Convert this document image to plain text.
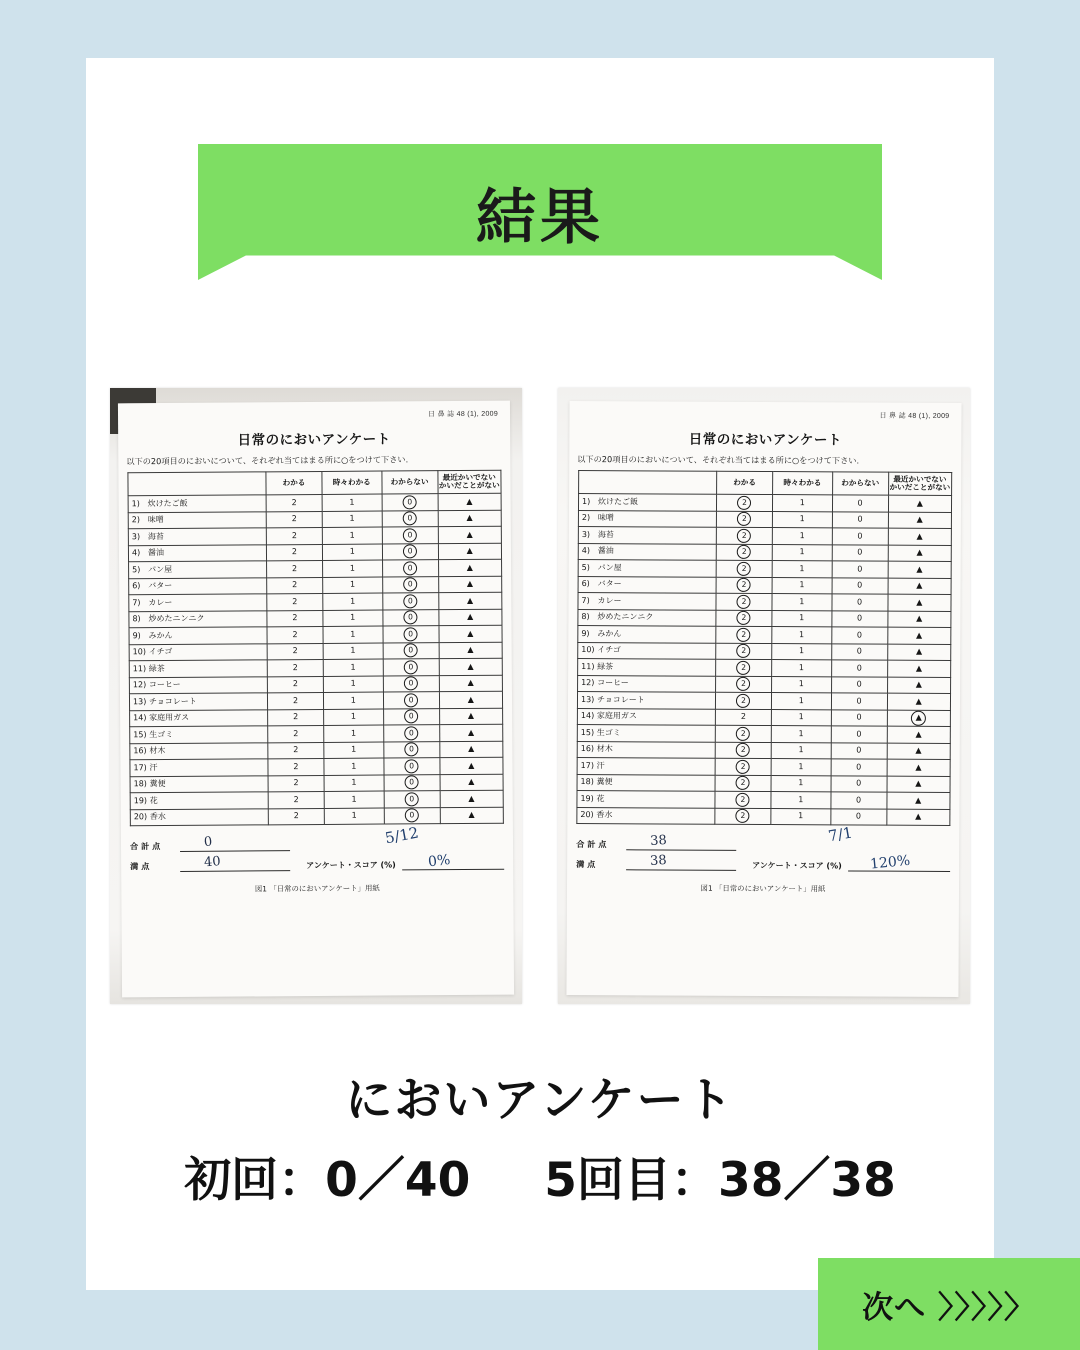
結果
日 鼻 誌 48 (1), 2009
日常のにおいアンケート
以下の20項目のにおいについて、それぞれ当てはまる所に○をつけて下さい.
	わかる	時々わかる	わからない	最近かいでない
かいだことがない
1) 炊けたご飯	2	1	0	▲
2) 味噌	2	1	0	▲
3) 海苔	2	1	0	▲
4) 醤油	2	1	0	▲
5) パン屋	2	1	0	▲
6) バター	2	1	0	▲
7) カレー	2	1	0	▲
8) 炒めたニンニク	2	1	0	▲
9) みかん	2	1	0	▲
10) イチゴ	2	1	0	▲
11) 緑茶	2	1	0	▲
12) コーヒー	2	1	0	▲
13) チョコレート	2	1	0	▲
14) 家庭用ガス	2	1	0	▲
15) 生ゴミ	2	1	0	▲
16) 材木	2	1	0	▲
17) 汗	2	1	0	▲
18) 糞便	2	1	0	▲
19) 花	2	1	0	▲
20) 香水	2	1	0	▲
5/12
合 計 点	0
満 点	40	アンケート・スコア (%) 0%
図1 「日常のにおいアンケート」用紙
日 鼻 誌 48 (1), 2009
日常のにおいアンケート
以下の20項目のにおいについて、それぞれ当てはまる所に○をつけて下さい.
	わかる	時々わかる	わからない	最近かいでない
かいだことがない
1) 炊けたご飯	2	1	0	▲
2) 味噌	2	1	0	▲
3) 海苔	2	1	0	▲
4) 醤油	2	1	0	▲
5) パン屋	2	1	0	▲
6) バター	2	1	0	▲
7) カレー	2	1	0	▲
8) 炒めたニンニク	2	1	0	▲
9) みかん	2	1	0	▲
10) イチゴ	2	1	0	▲
11) 緑茶	2	1	0	▲
12) コーヒー	2	1	0	▲
13) チョコレート	2	1	0	▲
14) 家庭用ガス	2	1	0	▲
15) 生ゴミ	2	1	0	▲
16) 材木	2	1	0	▲
17) 汗	2	1	0	▲
18) 糞便	2	1	0	▲
19) 花	2	1	0	▲
20) 香水	2	1	0	▲
7/1
合 計 点	38
満 点	38	アンケート・スコア (%) 120%
図1 「日常のにおいアンケート」用紙
においアンケート
初回：0／40 5回目：38／38
次へ 〉〉〉〉〉
